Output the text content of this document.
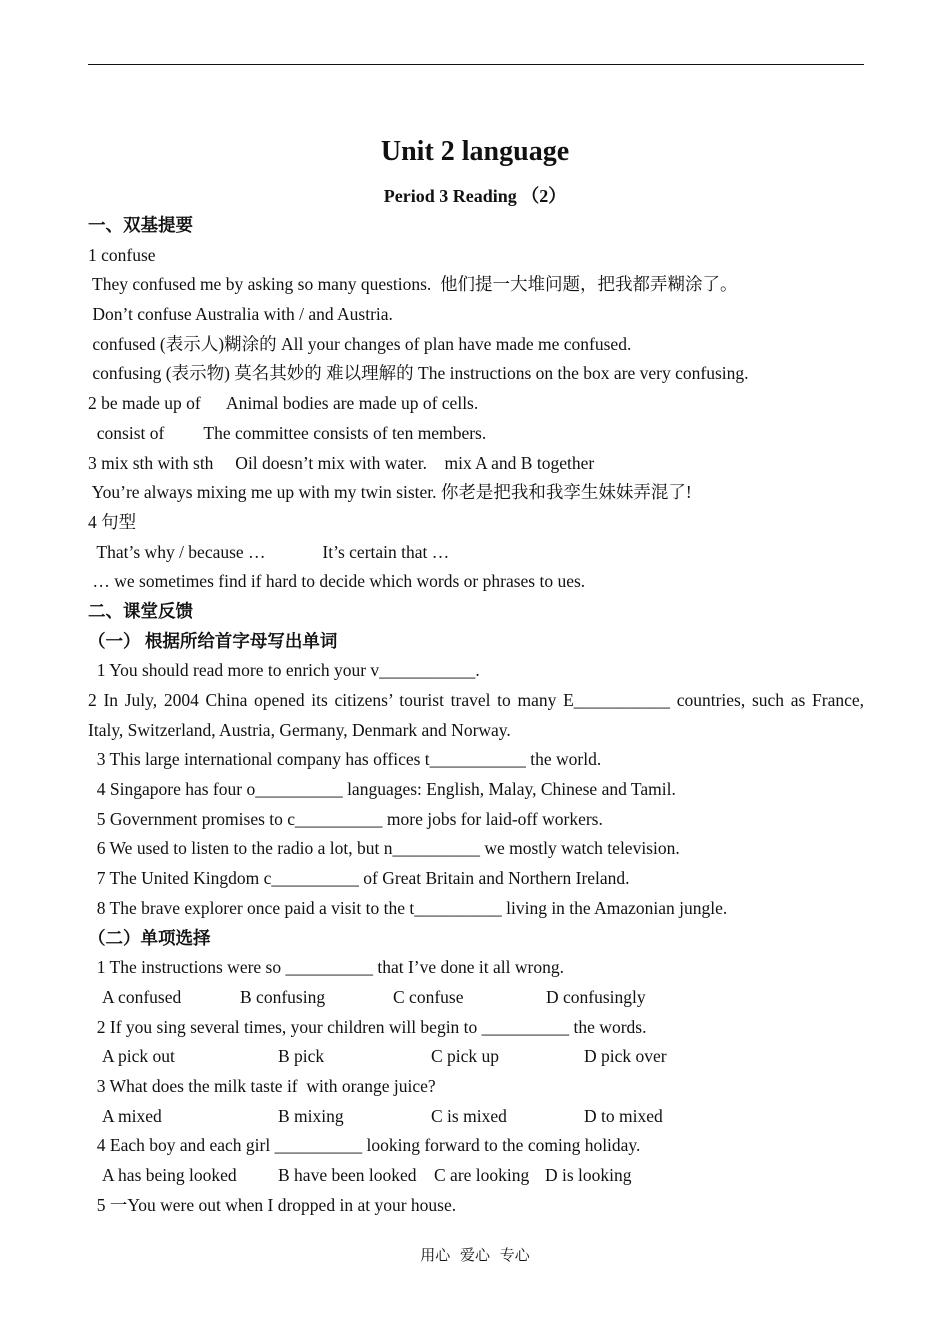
Unit 2 language
Period 3 Reading （2）
一、双基提要
1 confuse
They confused me by asking so many questions.  他们提一大堆问题，把我都弄糊涂了。
Don’t confuse Australia with / and Austria.
confused (表示人)糊涂的 All your changes of plan have made me confused.
confusing (表示物) 莫名其妙的 难以理解的 The instructions on the box are very confusing.
2 be made up of      Animal bodies are made up of cells.
consist of         The committee consists of ten members.
3 mix sth with sth     Oil doesn’t mix with water.    mix A and B together
You’re always mixing me up with my twin sister. 你老是把我和我孪生妹妹弄混了!
4 句型
That’s why / because …             It’s certain that …
… we sometimes find if hard to decide which words or phrases to ues.
二、课堂反馈
（一） 根据所给首字母写出单词
1 You should read more to enrich your v___________.
2 In July, 2004 China opened its citizens’ tourist travel to many E___________ countries, such as France, Italy, Switzerland, Austria, Germany, Denmark and Norway.
3 This large international company has offices t___________ the world.
4 Singapore has four o__________ languages: English, Malay, Chinese and Tamil.
5 Government promises to c__________ more jobs for laid-off workers.
6 We used to listen to the radio a lot, but n__________ we mostly watch television.
7 The United Kingdom c__________ of Great Britain and Northern Ireland.
8 The brave explorer once paid a visit to the t__________ living in the Amazonian jungle.
（二）单项选择
1 The instructions were so __________ that I’ve done it all wrong.

A confused

	B confusing

	C confuse

	D confusingly

2 If you sing several times, your children will begin to __________ the words.

A pick out

	B pick

	C pick up

	D pick over

3 What does the milk taste if  with orange juice?

A mixed

	B mixing

	C is mixed

	D to mixed

4 Each boy and each girl __________ looking forward to the coming holiday.

A has being looked

B have been looked

C are looking

D is looking

5 一You were out when I dropped in at your house.
用心 爱心 专心
